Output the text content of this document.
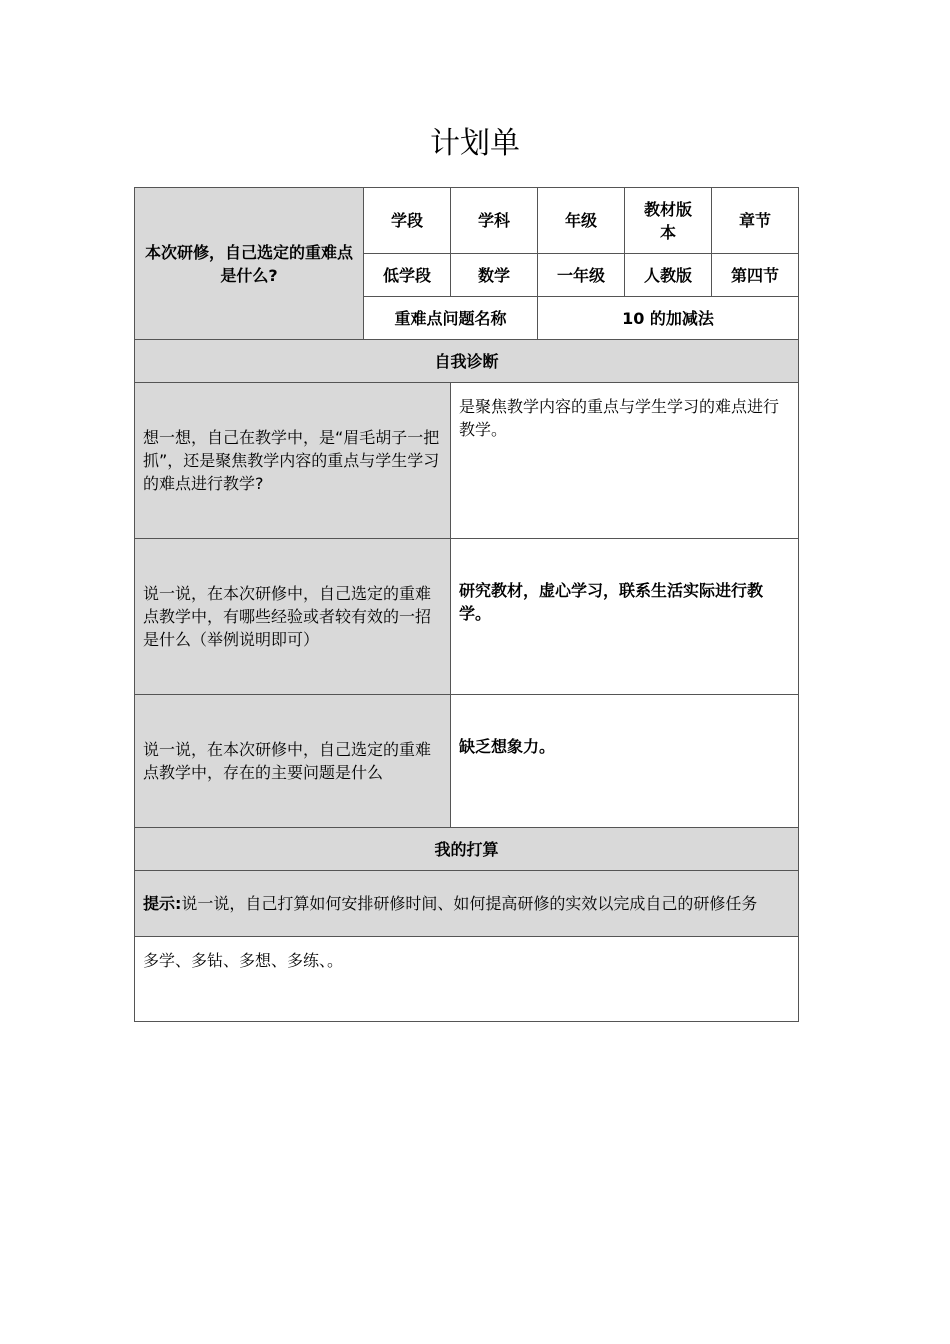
计划单
本次研修，自己选定的重难点是什么?	学段	学科	年级	教材版本	章节
	低学段	数学	一年级	人教版	第四节
	重难点问题名称		10 的加减法		
自我诊断					
想一想，自己在教学中，是“眉毛胡子一把抓”，还是聚焦教学内容的重点与学生学习的难点进行教学?		是聚焦教学内容的重点与学生学习的难点进行教学。			
说一说，在本次研修中，自己选定的重难点教学中，有哪些经验或者较有效的一招是什么（举例说明即可）		研究教材，虚心学习，联系生活实际进行教学。			
说一说，在本次研修中，自己选定的重难点教学中，存在的主要问题是什么		缺乏想象力。			
我的打算					
提示:说一说，自己打算如何安排研修时间、如何提高研修的实效以完成自己的研修任务					
多学、多钻、多想、多练、。					
